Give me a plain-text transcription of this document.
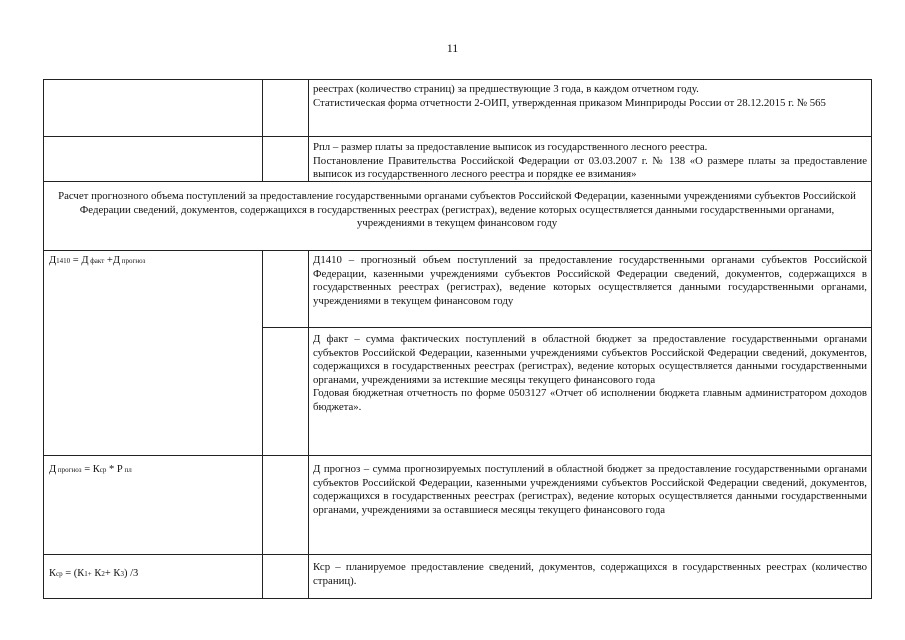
11

реестрах (количество страниц) за предшествующие 3 года, в каждом отчетном году.

Статистическая форма отчетности 2-ОИП, утвержденная приказом Минприроды России от 28.12.2015 г. № 565

Рпл – размер платы за предоставление выписок из государственного лесного реестра.

Постановление Правительства Российской Федерации от 03.03.2007 г. № 138 «О размере платы за предоставление выписок из государственного лесного реестра и порядке ее взимания»

Расчет прогнозного объема поступлений за предоставление государственными органами субъектов Российской Федерации, казенными учреждениями субъектов Российской Федерации сведений, документов, содержащихся в государственных реестрах (регистрах), ведение которых осуществляется данными государственными органами, учреждениями в текущем финансовом году
Д1410 = Д факт +Д прогноз	Д1410 – прогнозный объем поступлений за предоставление государственными органами субъектов Российской Федерации, казенными учреждениями субъектов Российской Федерации сведений, документов, содержащихся в государственных реестрах (регистрах), ведение которых осуществляется данными государственными органами, учреждениями в текущем финансовом году

Д факт – сумма фактических поступлений в областной бюджет за предоставление государственными органами субъектов Российской Федерации, казенными учреждениями субъектов Российской Федерации сведений, документов, содержащихся в государственных реестрах (регистрах), ведение которых осуществляется данными государственными органами, учреждениями за истекшие месяцы текущего финансового года

Годовая бюджетная отчетность по форме 0503127 «Отчет об исполнении бюджета главным администратором доходов бюджета».

Д прогноз = Кср * Р пл	Д прогноз – сумма прогнозируемых поступлений в областной бюджет за предоставление государственными органами субъектов Российской Федерации, казенными учреждениями субъектов Российской Федерации сведений, документов, содержащихся в государственных реестрах (регистрах), ведение которых осуществляется данными государственными органами, учреждениями за оставшиеся месяцы текущего финансового года

Кср = (К1+ К2+ К3) /3

Кср – планируемое предоставление сведений, документов, содержащихся в государственных реестрах (количество страниц).
